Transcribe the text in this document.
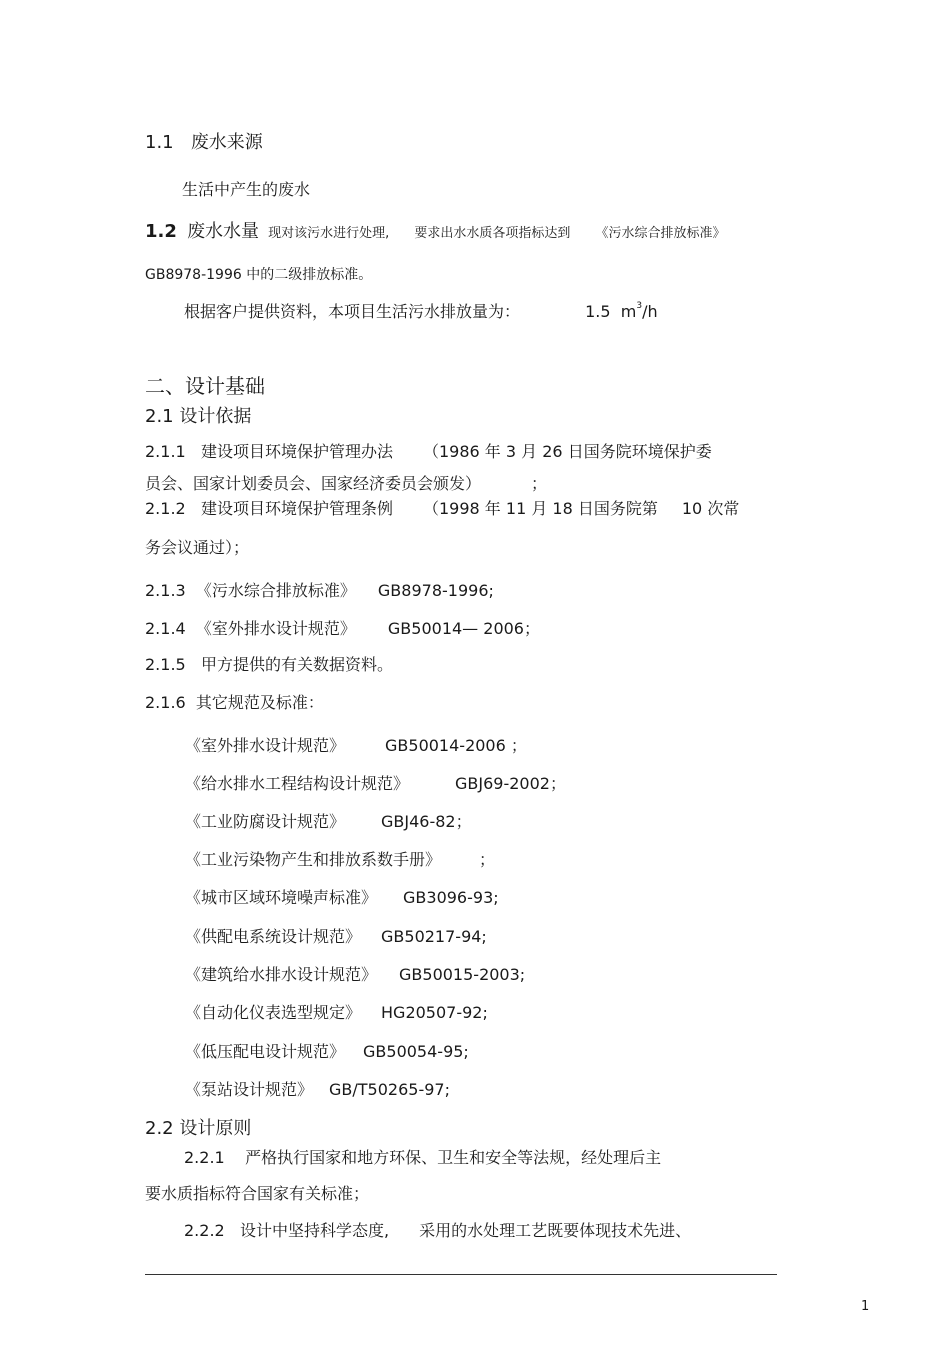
1.1 废水来源
生活中产生的废水
1.2 废水水量 现对该污水进行处理, 要求出水水质各项指标达到 《污水综合排放标准》
GB8978-1996 中的二级排放标准。
根据客户提供资料，本项目生活污水排放量为：	1.5 $m^3/h$
二、设计基础
2.1 设计依据
2.1.1 建设项目环境保护管理办法 （1986 年 3 月 26 日国务院环境保护委
员会、国家计划委员会、国家经济委员会颁发）	；
2.1.2 建设项目环境保护管理条例 （1998 年 11 月 18 日国务院第 10 次常
务会议通过）；
2.1.3 《污水综合排放标准》 GB8978-1996;
2.1.4 《室外排水设计规范》 GB50014— 2006；
2.1.5 甲方提供的有关数据资料。
2.1.6 其它规范及标准：
《室外排水设计规范》	GB50014-2006 ；
《给水排水工程结构设计规范》	GBJ69-2002；
《工业防腐设计规范》 GBJ46-82；
《工业污染物产生和排放系数手册》	；
《城市区域环境噪声标准》 GB3096-93;
《供配电系统设计规范》 GB50217-94;
《建筑给水排水设计规范》 GB50015-2003;
《自动化仪表选型规定》 HG20507-92;
《低压配电设计规范》 GB50054-95;
《泵站设计规范》 GB/T50265-97;
2.2 设计原则
2.2.1 严格执行国家和地方环保、卫生和安全等法规，经处理后主
要水质指标符合国家有关标准；
2.2.2 设计中坚持科学态度, 采用的水处理工艺既要体现技术先进、
1
